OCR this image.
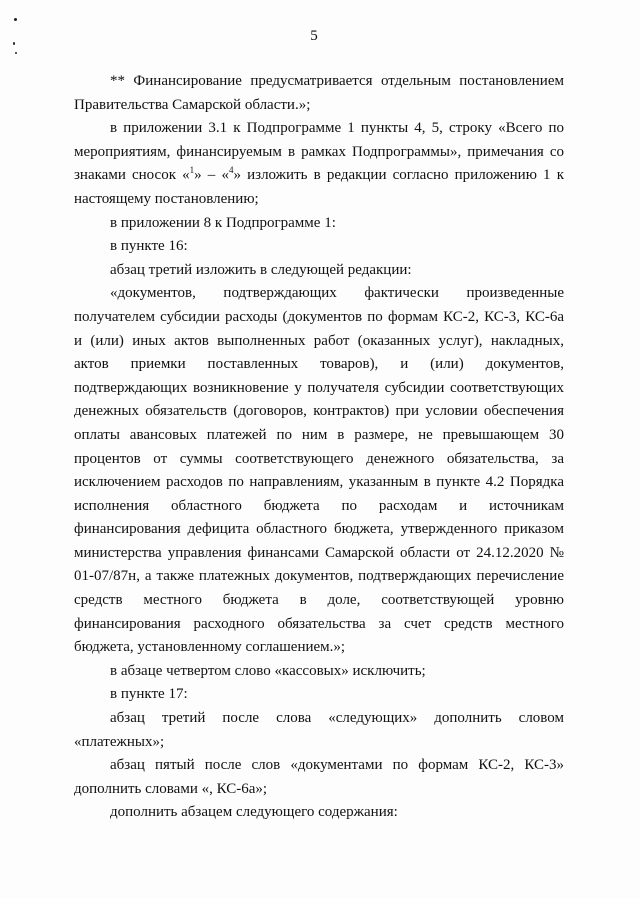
5

** Финансирование предусматривается отдельным постановлением Правительства Самарской области.»;

в приложении 3.1 к Подпрограмме 1 пункты 4, 5, строку «Всего по мероприятиям, финансируемым в рамках Подпрограммы», примечания со знаками сносок «$^1$» – «$^4$» изложить в редакции согласно приложению 1 к настоящему постановлению;

в приложении 8 к Подпрограмме 1:

в пункте 16:

абзац третий изложить в следующей редакции:

«документов, подтверждающих фактически произведенные получателем субсидии расходы (документов по формам КС-2, КС-3, КС-6а и (или) иных актов выполненных работ (оказанных услуг), накладных, актов приемки поставленных товаров), и (или) документов, подтверждающих возникновение у получателя субсидии соответствующих денежных обязательств (договоров, контрактов) при условии обеспечения оплаты авансовых платежей по ним в размере, не превышающем 30 процентов от суммы соответствующего денежного обязательства, за исключением расходов по направлениям, указанным в пункте 4.2 Порядка исполнения областного бюджета по расходам и источникам финансирования дефицита областного бюджета, утвержденного приказом министерства управления финансами Самарской области от 24.12.2020 № 01-07/87н, а также платежных документов, подтверждающих перечисление средств местного бюджета в доле, соответствующей уровню финансирования расходного обязательства за счет средств местного бюджета, установленному соглашением.»;

в абзаце четвертом слово «кассовых» исключить;

в пункте 17:

абзац третий после слова «следующих» дополнить словом «платежных»;

абзац пятый после слов «документами по формам КС-2, КС-3» дополнить словами «, КС-6а»;

дополнить абзацем следующего содержания:
